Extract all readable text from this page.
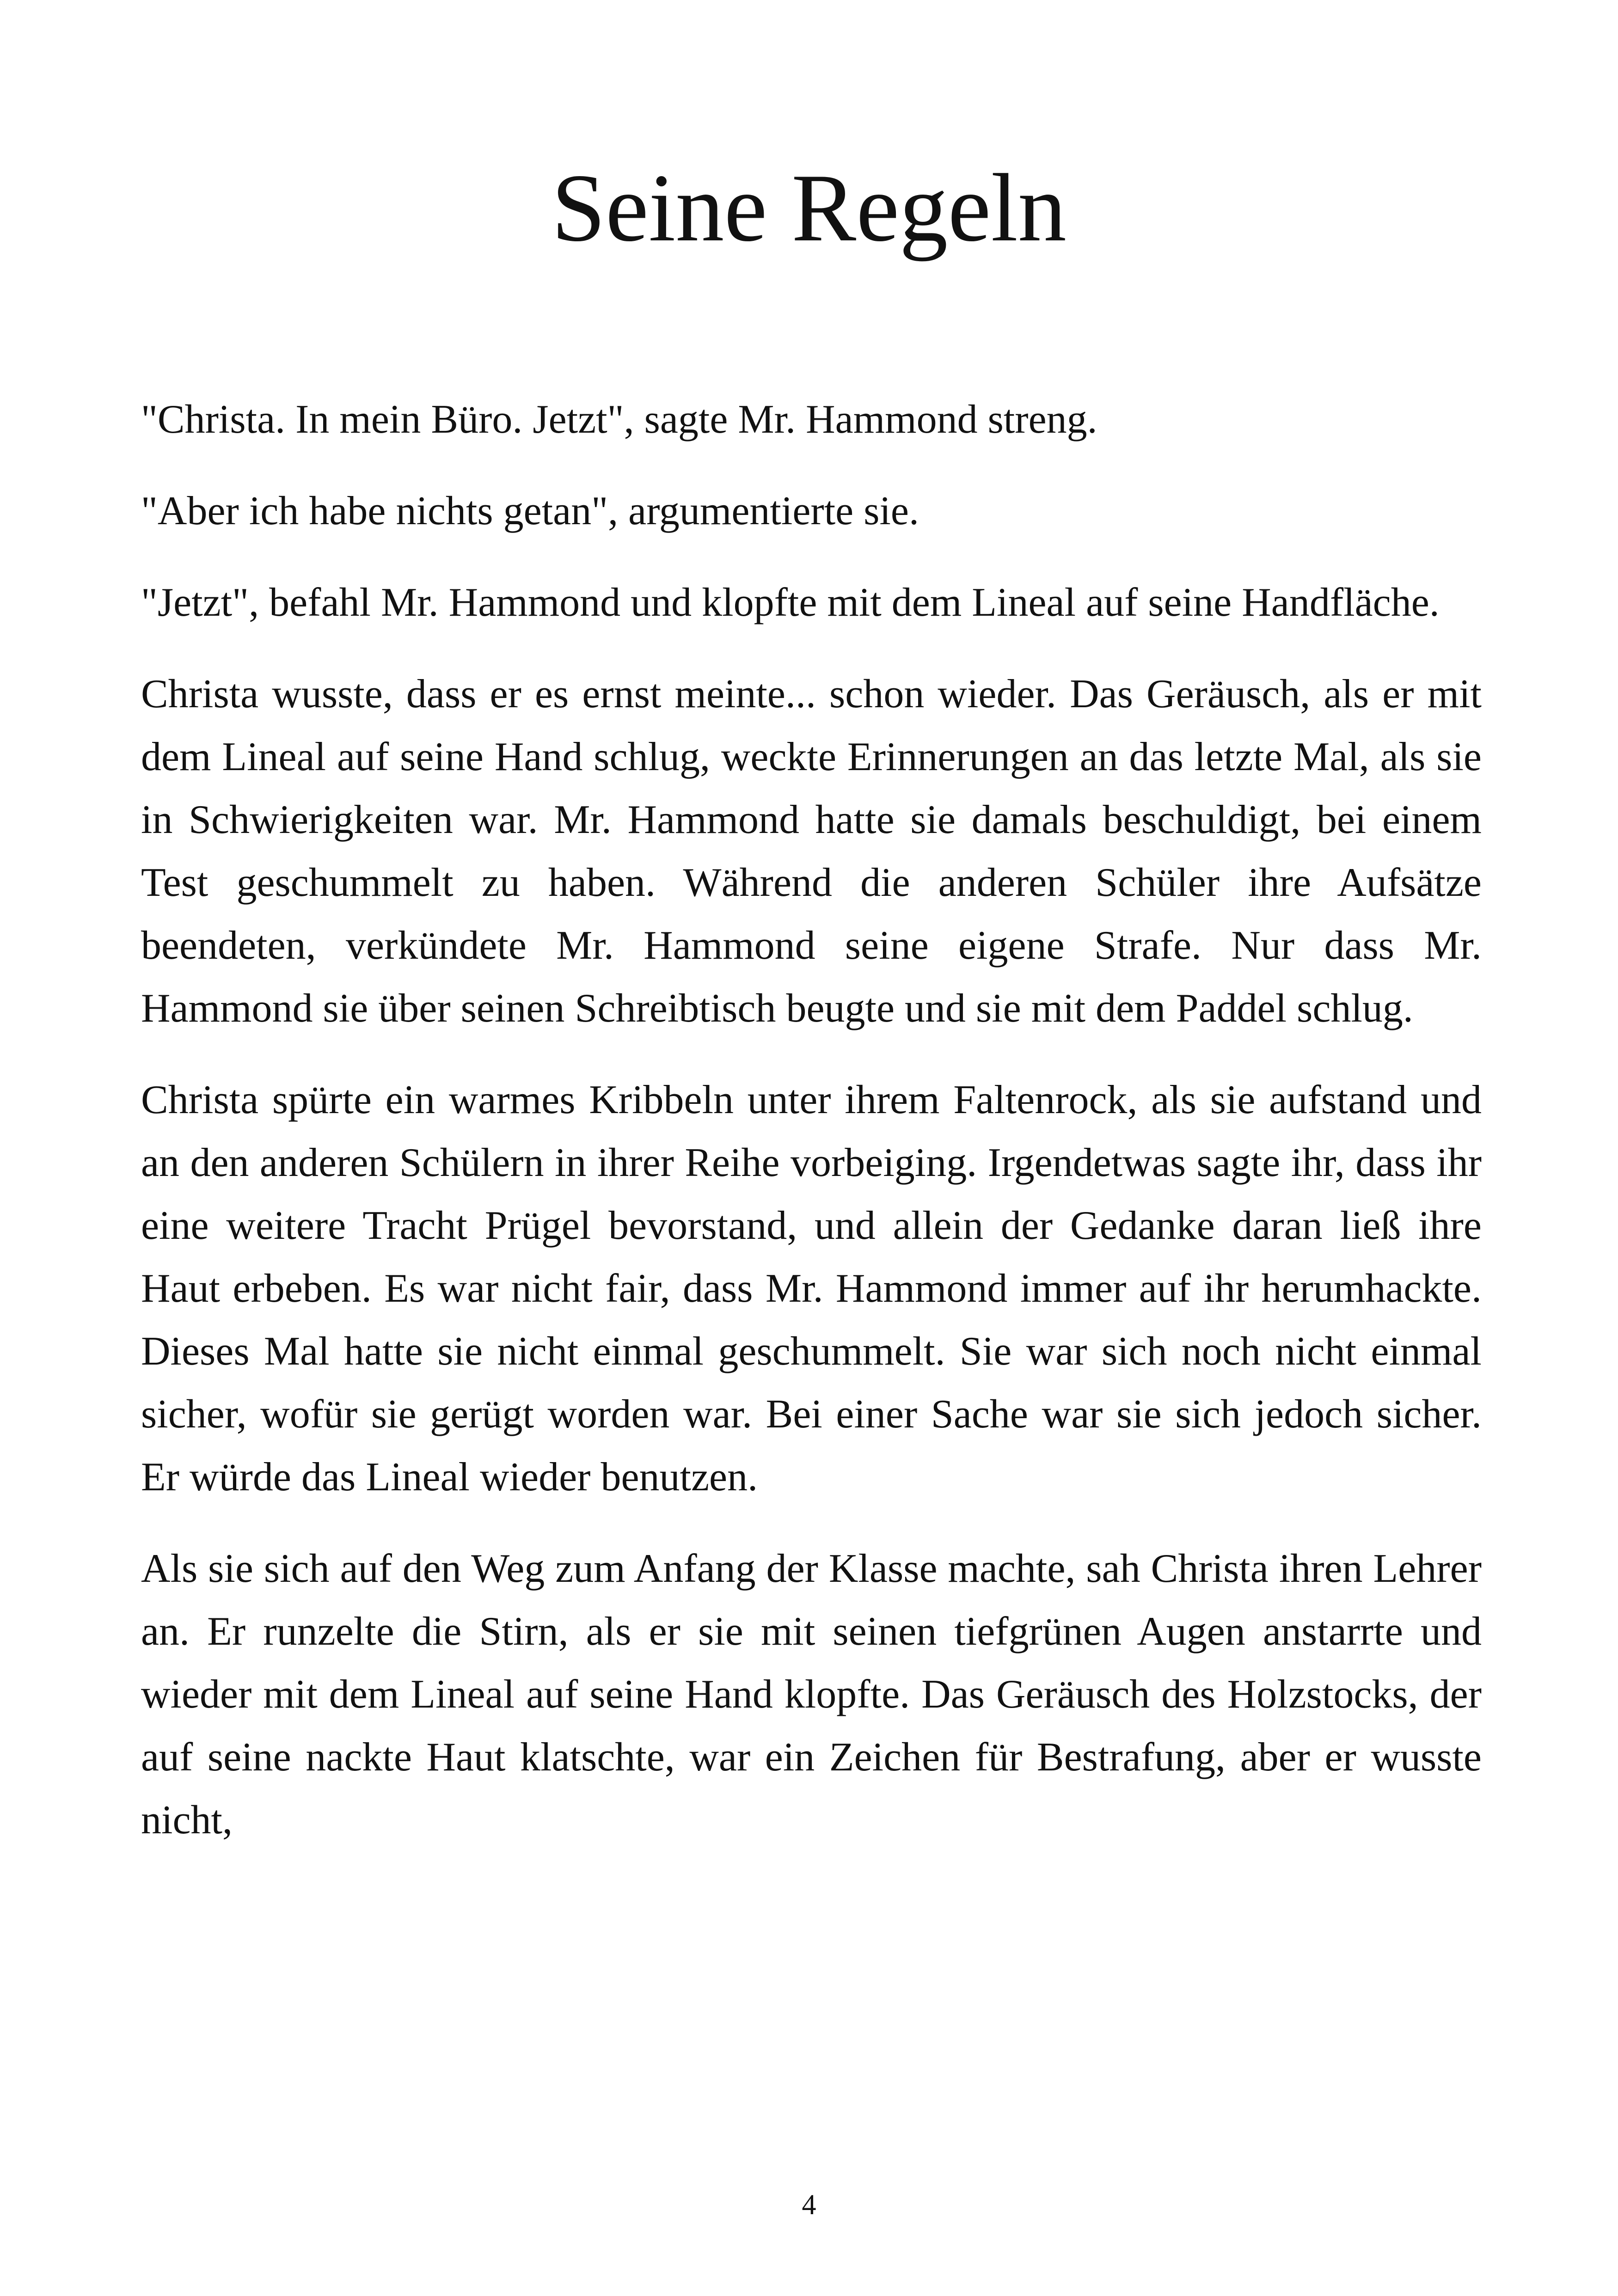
Seine Regeln

"Christa. In mein Büro. Jetzt", sagte Mr. Hammond streng.

"Aber ich habe nichts getan", argumentierte sie.

"Jetzt", befahl Mr. Hammond und klopfte mit dem Lineal auf seine Handfläche.

Christa wusste, dass er es ernst meinte... schon wieder. Das Geräusch, als er mit dem Lineal auf seine Hand schlug, weckte Erinnerungen an das letzte Mal, als sie in Schwierigkeiten war. Mr. Hammond hatte sie damals beschuldigt, bei einem Test geschummelt zu haben. Während die anderen Schüler ihre Aufsätze beendeten, verkündete Mr. Hammond seine eigene Strafe. Nur dass Mr. Hammond sie über seinen Schreibtisch beugte und sie mit dem Paddel schlug.

Christa spürte ein warmes Kribbeln unter ihrem Faltenrock, als sie aufstand und an den anderen Schülern in ihrer Reihe vorbeiging. Irgendetwas sagte ihr, dass ihr eine weitere Tracht Prügel bevorstand, und allein der Gedanke daran ließ ihre Haut erbeben. Es war nicht fair, dass Mr. Hammond immer auf ihr herumhackte. Dieses Mal hatte sie nicht einmal geschummelt. Sie war sich noch nicht einmal sicher, wofür sie gerügt worden war. Bei einer Sache war sie sich jedoch sicher. Er würde das Lineal wieder benutzen.

Als sie sich auf den Weg zum Anfang der Klasse machte, sah Christa ihren Lehrer an. Er runzelte die Stirn, als er sie mit seinen tiefgrünen Augen anstarrte und wieder mit dem Lineal auf seine Hand klopfte. Das Geräusch des Holzstocks, der auf seine nackte Haut klatschte, war ein Zeichen für Bestrafung, aber er wusste nicht,

4
